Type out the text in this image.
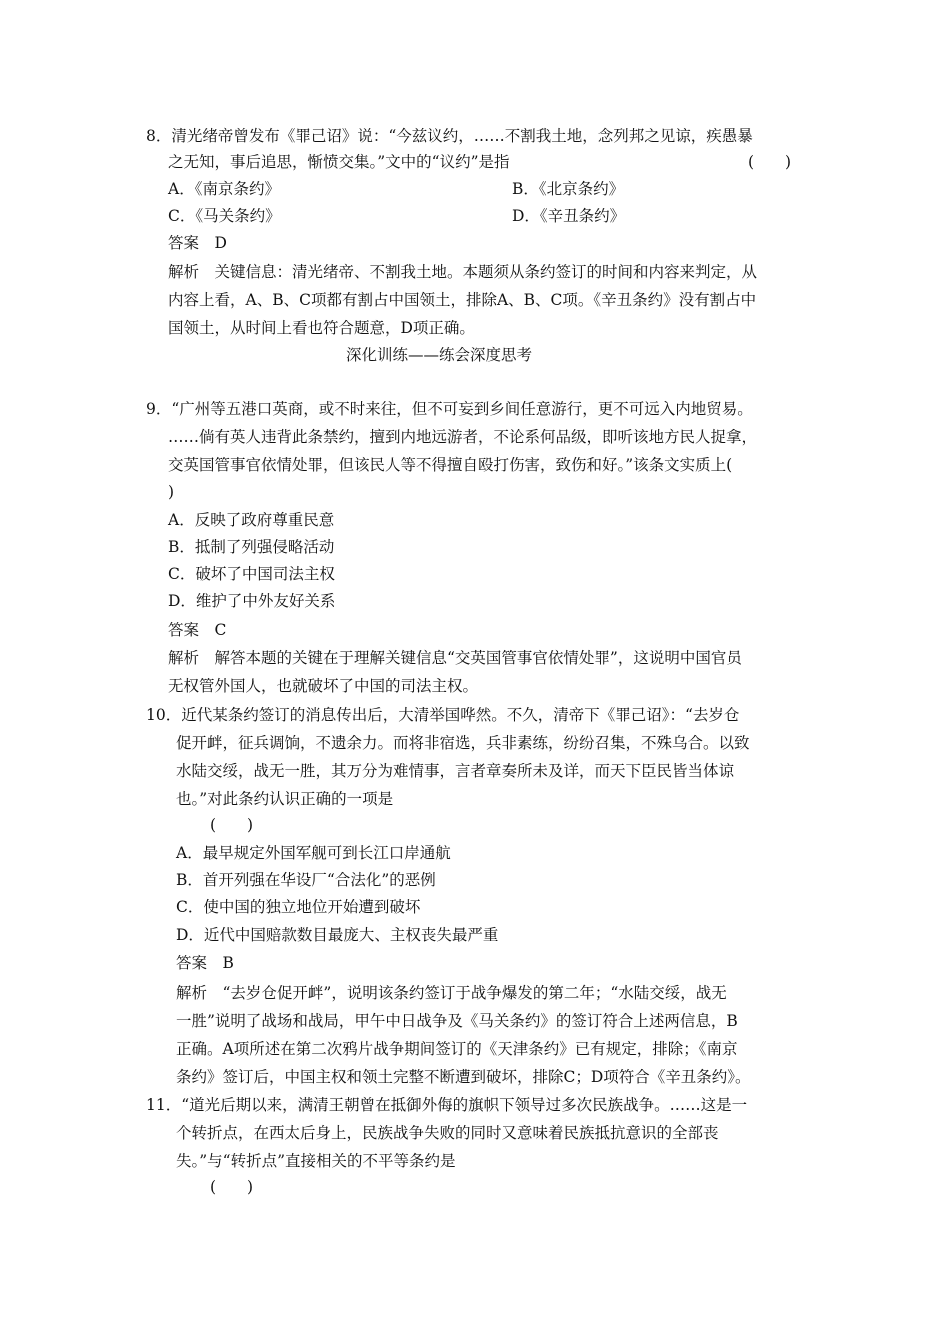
8．清光绪帝曾发布《罪己诏》说：“今兹议约，……不割我土地，念列邦之见谅，疾愚暴
之无知，事后追思，惭愤交集。”文中的“议约”是指	(　　)
A．《南京条约》	B．《北京条约》
C．《马关条约》	D．《辛丑条约》
答案　D
解析　关键信息：清光绪帝、不割我土地。本题须从条约签订的时间和内容来判定，从
内容上看，A、B、C项都有割占中国领土，排除A、B、C项。《辛丑条约》没有割占中
国领土，从时间上看也符合题意，D项正确。
深化训练——练会深度思考
9．“广州等五港口英商，或不时来往，但不可妄到乡间任意游行，更不可远入内地贸易。
……倘有英人违背此条禁约，擅到内地远游者，不论系何品级，即听该地方民人捉拿，
交英国管事官依情处罪，但该民人等不得擅自殴打伤害，致伤和好。”该条文实质上(
)
A．反映了政府尊重民意
B．抵制了列强侵略活动
C．破坏了中国司法主权
D．维护了中外友好关系
答案　C
解析　解答本题的关键在于理解关键信息“交英国管事官依情处罪”，这说明中国官员
无权管外国人，也就破坏了中国的司法主权。
10．近代某条约签订的消息传出后，大清举国哗然。不久，清帝下《罪己诏》：“去岁仓
促开衅，征兵调饷，不遗余力。而将非宿选，兵非素练，纷纷召集，不殊乌合。以致
水陆交绥，战无一胜，其万分为难情事，言者章奏所未及详，而天下臣民皆当体谅
也。”对此条约认识正确的一项是
(　　)
A．最早规定外国军舰可到长江口岸通航
B．首开列强在华设厂“合法化”的恶例
C．使中国的独立地位开始遭到破坏
D．近代中国赔款数目最庞大、主权丧失最严重
答案　B
解析　“去岁仓促开衅”，说明该条约签订于战争爆发的第二年；“水陆交绥，战无
一胜”说明了战场和战局，甲午中日战争及《马关条约》的签订符合上述两信息，B
正确。A项所述在第二次鸦片战争期间签订的《天津条约》已有规定，排除；《南京
条约》签订后，中国主权和领土完整不断遭到破坏，排除C；D项符合《辛丑条约》。
11．“道光后期以来，满清王朝曾在抵御外侮的旗帜下领导过多次民族战争。……这是一
个转折点，在西太后身上，民族战争失败的同时又意味着民族抵抗意识的全部丧
失。”与“转折点”直接相关的不平等条约是
(　　)
